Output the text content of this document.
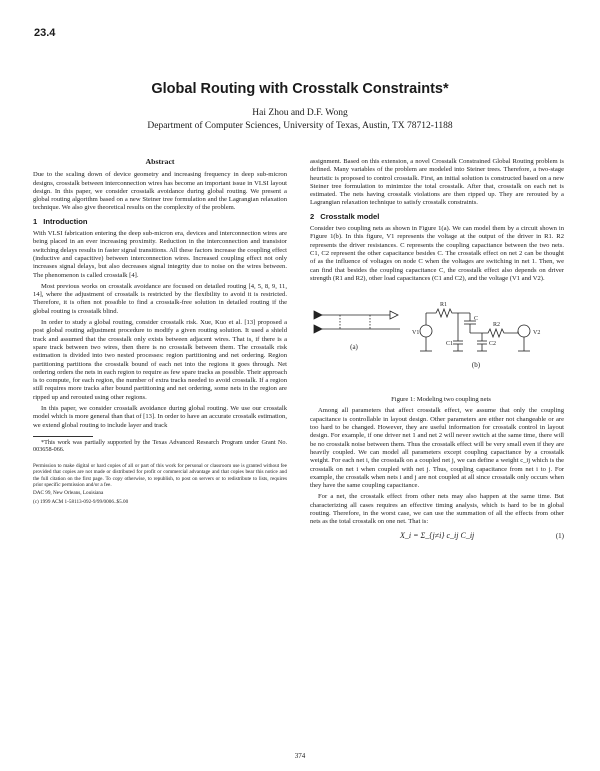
23.4
Global Routing with Crosstalk Constraints*
Hai Zhou and D.F. Wong
Department of Computer Sciences, University of Texas, Austin, TX 78712-1188
Abstract

Due to the scaling down of device geometry and increasing frequency in deep sub-micron designs, crosstalk between interconnection wires has become an important issue in VLSI layout design. In this paper, we consider crosstalk avoidance during global routing. We present a global routing algorithm based on a new Steiner tree formulation and the Lagrangian relaxation technique. We also give theoretical results on the complexity of the problem.

1 Introduction

With VLSI fabrication entering the deep sub-micron era, devices and interconnection wires are being placed in an ever increasing proximity. Reduction in the interconnection and transistor switching delays results in faster signal transitions. All these factors increase the coupling effect (inductive and capacitive) between interconnection wires. Increased coupling effect not only increases signal delays, but also decreases signal integrity due to noise on the wires between. The phenomenon is called crosstalk [4].

Most previous works on crosstalk avoidance are focused on detailed routing [4, 5, 8, 9, 11, 14], where the adjustment of crosstalk is restricted by the flexibility to avoid it is restricted. Therefore, it is often not possible to find a crosstalk-free solution in detailed routing if the global routing is crosstalk blind.

In order to study a global routing, consider crosstalk risk. Xue, Kuo et al. [13] proposed a post global routing adjustment procedure to modify a given routing solution. It used a shield track and assumed that the crosstalk only exists between adjacent wires. That is, if there is a spare track between two wires, then there is no crosstalk between them. The crosstalk risk estimation is divided into two nested processes: region partitioning and net ordering. Region partitioning partitions the crosstalk bound of each net into the regions it goes through. Net ordering orders the nets in each region to require as few spare tracks as possible. Their approach is to compute, for each region, the number of extra tracks needed to avoid crosstalk. If a region still requires more tracks after bound partitioning and net ordering, some nets in the region are ripped up and rerouted using other regions.

In this paper, we consider crosstalk avoidance during global routing. We use our crosstalk model which is more general than that of [13]. In order to have an accurate crosstalk estimation, we extend global routing to include layer and track

*This work was partially supported by the Texas Advanced Research Program under Grant No. 003658-066.

Permission to make digital or hard copies of all or part of this work for personal or classroom use is granted without fee provided that copies are not made or distributed for profit or commercial advantage and that copies bear this notice and the full citation on the first page. To copy otherwise, to republish, to post on servers or to redistribute to lists, requires prior specific permission and/or a fee.

DAC 99, New Orleans, Louisiana

(c) 1999 ACM 1-58113-092-9/99/0006..$5.00

assignment. Based on this extension, a novel Crosstalk Constrained Global Routing problem is defined. Many variables of the problem are modeled into Steiner trees. Therefore, a two-stage heuristic is proposed to control crosstalk. First, an initial solution is constructed based on a new Steiner tree formulation to minimize the total crosstalk. After that, crosstalk on each net is estimated. The nets having crosstalk violations are then ripped up. They are rerouted by a Lagrangian relaxation technique to satisfy crosstalk constraints.

2 Crosstalk model

Consider two coupling nets as shown in Figure 1(a). We can model them by a circuit shown in Figure 1(b). In this figure, V1 represents the voltage at the output of the driver in R1. R2 represents the driver resistances. C represents the coupling capacitance between the two nets. C1, C2 represent the other capacitance besides C. The crosstalk effect on net 2 can be thought of as the influence of voltages on node C when the voltages are switching in net 1. Then, we can find that besides the coupling capacitance C, the crosstalk effect also depends on driver strength (R1 and R2), other load capacitances (C1 and C2), and the voltage (V1 and V2).

(a)
(b)
V1	V2
R1
R2
C
C1	C2

Figure 1: Modeling two coupling nets

Among all parameters that affect crosstalk effect, we assume that only the coupling capacitance is controllable in layout design. Other parameters are either not changeable or are too hard to be changed. However, they are useful information for crosstalk control in layout design. For example, if one driver net 1 and net 2 will never switch at the same time, there will be no crosstalk noise between them. Thus the crosstalk effect will be very small even if they are heavily coupled. We can model all parameters except coupling capacitance by a crosstalk weight. For each net i, the crosstalk on a coupled net j, we can define a weight c_ij which is the crosstalk on net i when coupled with net j. Thus, coupling capacitance from net i to j. For example, the crosstalk when nets i and j are not coupled at all since crosstalk only occurs when they have the same coupling capacitance.

For a net, the crosstalk effect from other nets may also happen at the same time. But characterizing all cases requires an effective timing analysis, which is hard to be in global routing. Therefore, in the worst case, we can use the summation of all the effects from other nets as the total crosstalk on one net. That is:

X_i = Σ_{j≠i} c_ij C_ij	(1)
374
